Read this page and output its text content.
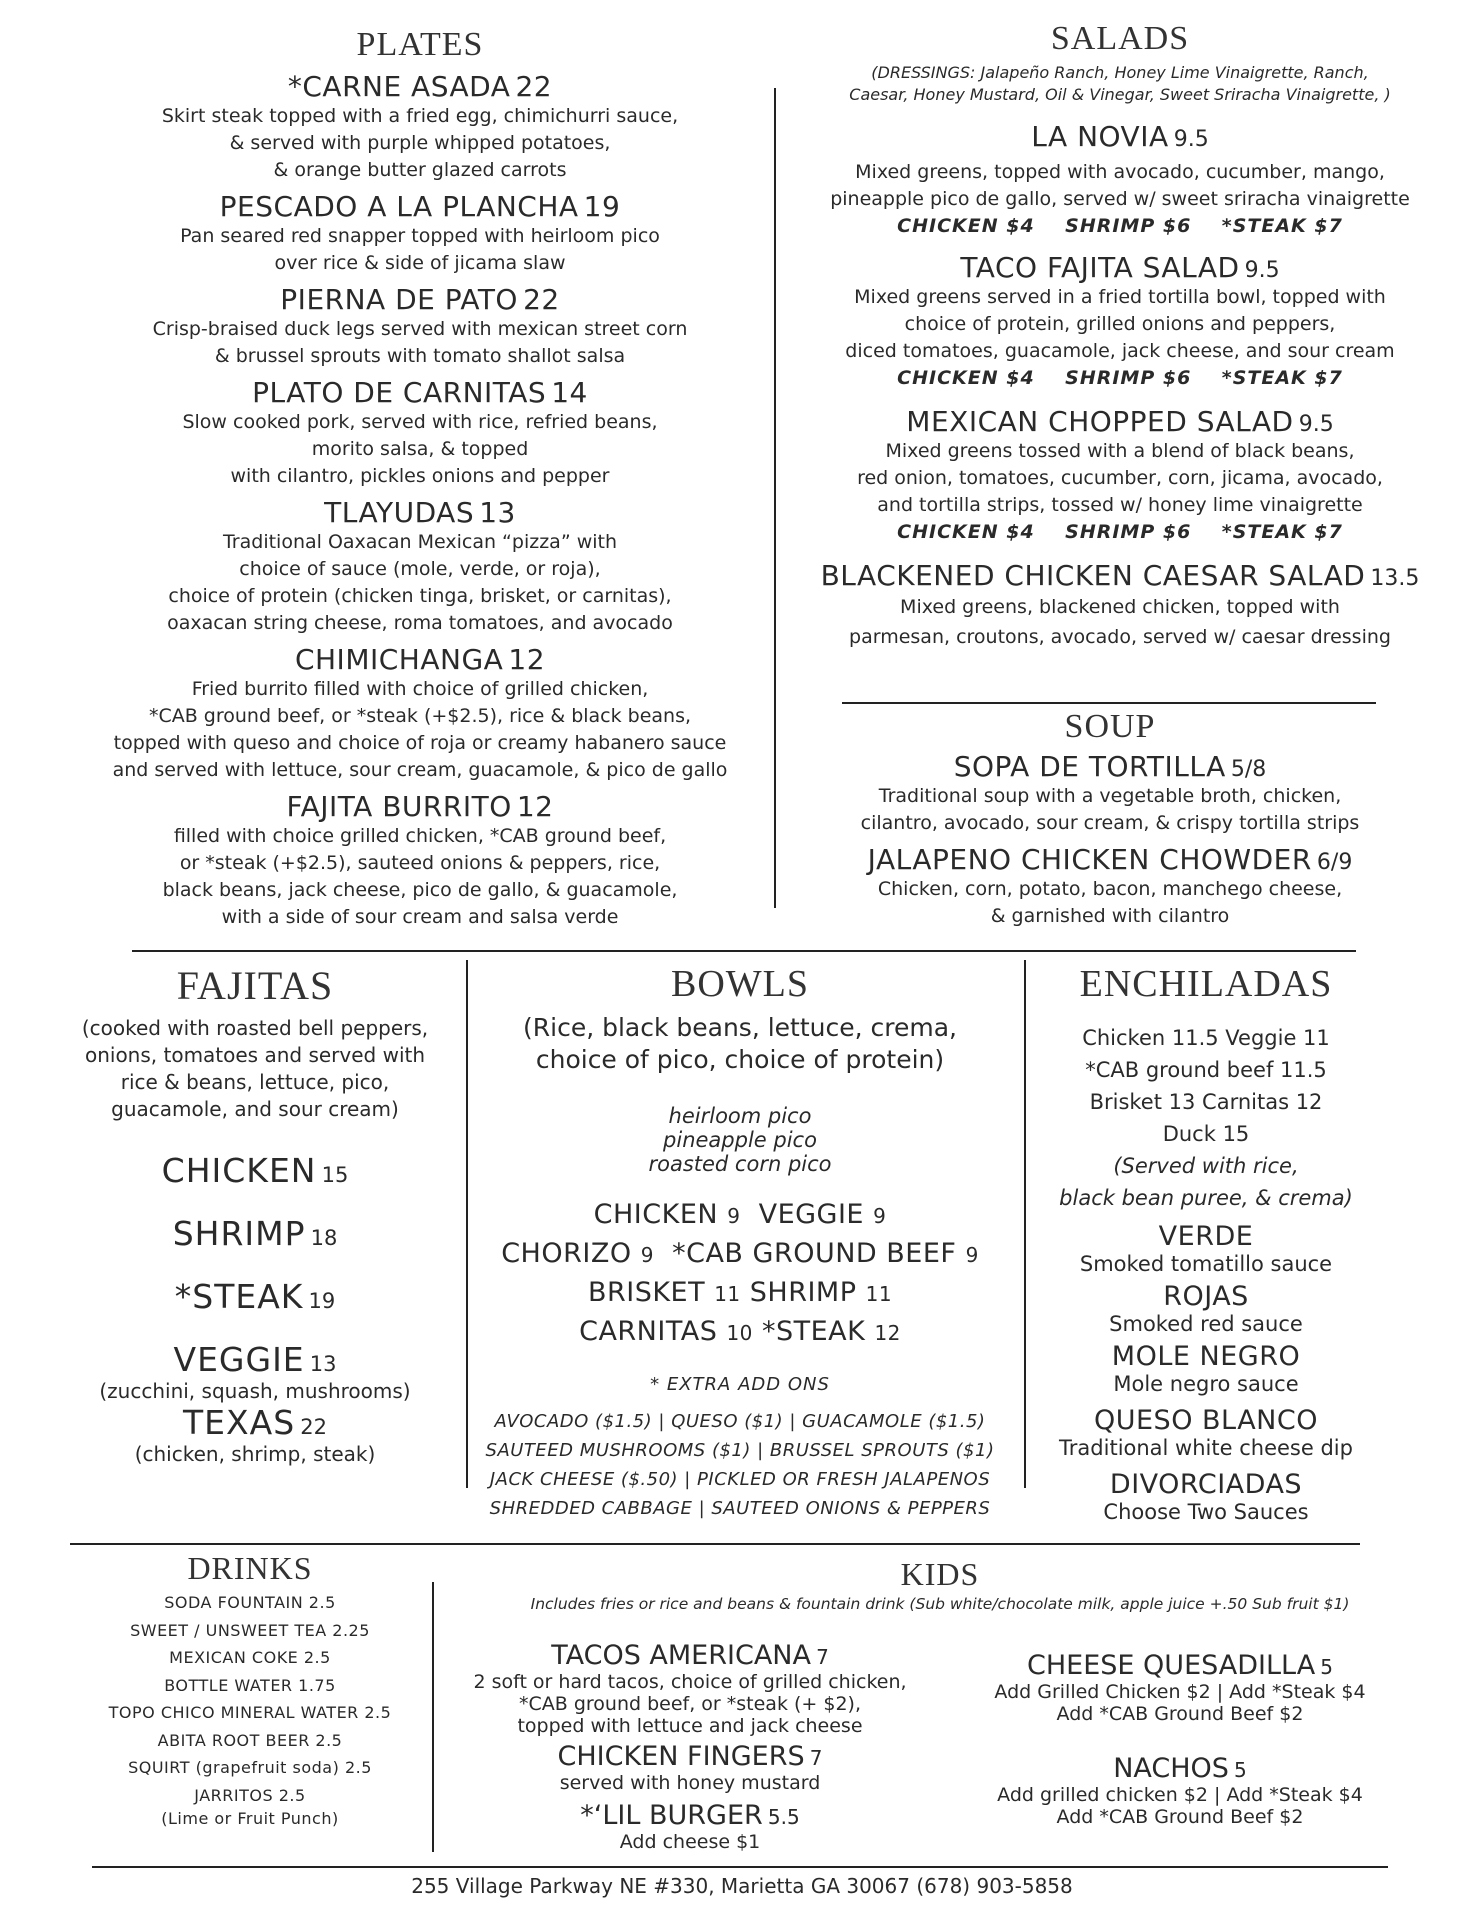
PLATES
*CARNE ASADA 22
Skirt steak topped with a fried egg, chimichurri sauce,
& served with purple whipped potatoes,
& orange butter glazed carrots
PESCADO A LA PLANCHA 19
Pan seared red snapper topped with heirloom pico
over rice & side of jicama slaw
PIERNA DE PATO 22
Crisp-braised duck legs served with mexican street corn
& brussel sprouts with tomato shallot salsa
PLATO DE CARNITAS 14
Slow cooked pork, served with rice, refried beans,
morito salsa, & topped
with cilantro, pickles onions and pepper
TLAYUDAS 13
Traditional Oaxacan Mexican “pizza” with
choice of sauce (mole, verde, or roja),
choice of protein (chicken tinga, brisket, or carnitas),
oaxacan string cheese, roma tomatoes, and avocado
CHIMICHANGA 12
Fried burrito filled with choice of grilled chicken,
*CAB ground beef, or *steak (+$2.5), rice & black beans,
topped with queso and choice of roja or creamy habanero sauce
and served with lettuce, sour cream, guacamole, & pico de gallo
FAJITA BURRITO 12
filled with choice grilled chicken, *CAB ground beef,
or *steak (+$2.5), sauteed onions & peppers, rice,
black beans, jack cheese, pico de gallo, & guacamole,
with a side of sour cream and salsa verde
SALADS
(DRESSINGS: Jalapeño Ranch, Honey Lime Vinaigrette, Ranch,
Caesar, Honey Mustard, Oil & Vinegar, Sweet Sriracha Vinaigrette, )
LA NOVIA 9.5
Mixed greens, topped with avocado, cucumber, mango,
pineapple pico de gallo, served w/ sweet sriracha vinaigrette
CHICKEN $4    SHRIMP $6    *STEAK $7
TACO FAJITA SALAD 9.5
Mixed greens served in a fried tortilla bowl, topped with
choice of protein, grilled onions and peppers,
diced tomatoes, guacamole, jack cheese, and sour cream
CHICKEN $4    SHRIMP $6    *STEAK $7
MEXICAN CHOPPED SALAD 9.5
Mixed greens tossed with a blend of black beans,
red onion, tomatoes, cucumber, corn, jicama, avocado,
and tortilla strips, tossed w/ honey lime vinaigrette
CHICKEN $4    SHRIMP $6    *STEAK $7
BLACKENED CHICKEN CAESAR SALAD 13.5
Mixed greens, blackened chicken, topped with
parmesan, croutons, avocado, served w/ caesar dressing
SOUP
SOPA DE TORTILLA 5/8
Traditional soup with a vegetable broth, chicken,
cilantro, avocado, sour cream, & crispy tortilla strips
JALAPENO CHICKEN CHOWDER 6/9
Chicken, corn, potato, bacon, manchego cheese,
& garnished with cilantro
FAJITAS
(cooked with roasted bell peppers,
onions, tomatoes and served with
rice & beans, lettuce, pico,
guacamole, and sour cream)
CHICKEN 15
SHRIMP 18
*STEAK 19
VEGGIE 13
(zucchini, squash, mushrooms)
TEXAS 22
(chicken, shrimp, steak)
BOWLS
(Rice, black beans, lettuce, crema,
choice of pico, choice of protein)
heirloom pico
pineapple pico
roasted corn pico
CHICKEN 9 VEGGIE 9
CHORIZO 9 *CAB GROUND BEEF 9
BRISKET 11 SHRIMP 11
CARNITAS 10 *STEAK 12
* EXTRA ADD ONS
AVOCADO ($1.5) | QUESO ($1) | GUACAMOLE ($1.5)
SAUTEED MUSHROOMS ($1) | BRUSSEL SPROUTS ($1)
JACK CHEESE ($.50) | PICKLED OR FRESH JALAPENOS
SHREDDED CABBAGE | SAUTEED ONIONS & PEPPERS
ENCHILADAS
Chicken 11.5 Veggie 11
*CAB ground beef 11.5
Brisket 13 Carnitas 12
Duck 15
(Served with rice,
black bean puree, & crema)
VERDE
Smoked tomatillo sauce
ROJAS
Smoked red sauce
MOLE NEGRO
Mole negro sauce
QUESO BLANCO
Traditional white cheese dip
DIVORCIADAS
Choose Two Sauces
DRINKS
SODA FOUNTAIN 2.5
SWEET / UNSWEET TEA 2.25
MEXICAN COKE 2.5
BOTTLE WATER 1.75
TOPO CHICO MINERAL WATER 2.5
ABITA ROOT BEER 2.5
SQUIRT (grapefruit soda) 2.5
JARRITOS 2.5
(Lime or Fruit Punch)
KIDS
Includes fries or rice and beans & fountain drink (Sub white/chocolate milk, apple juice +.50 Sub fruit $1)
TACOS AMERICANA 7
2 soft or hard tacos, choice of grilled chicken,
*CAB ground beef, or *steak (+ $2),
topped with lettuce and jack cheese
CHICKEN FINGERS 7
served with honey mustard
*‘LIL BURGER 5.5
Add cheese $1
CHEESE QUESADILLA 5
Add Grilled Chicken $2 | Add *Steak $4
Add *CAB Ground Beef $2
NACHOS 5
Add grilled chicken $2 | Add *Steak $4
Add *CAB Ground Beef $2
255 Village Parkway NE #330, Marietta GA 30067 (678) 903-5858
